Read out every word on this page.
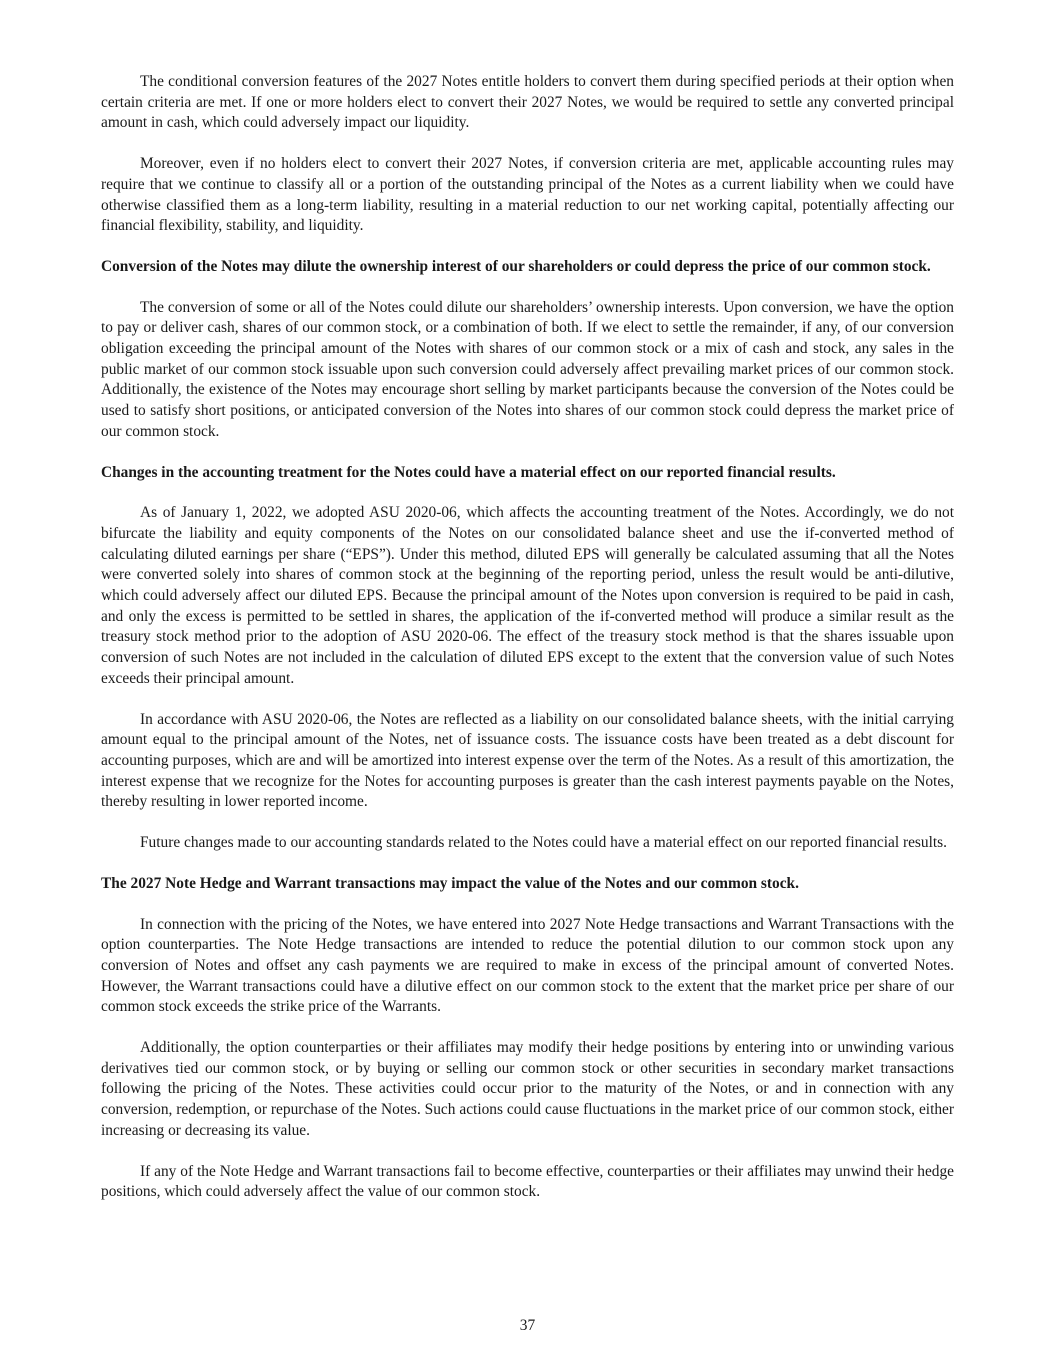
The conditional conversion features of the 2027 Notes entitle holders to convert them during specified periods at their option when certain criteria are met. If one or more holders elect to convert their 2027 Notes, we would be required to settle any converted principal amount in cash, which could adversely impact our liquidity.

Moreover, even if no holders elect to convert their 2027 Notes, if conversion criteria are met, applicable accounting rules may require that we continue to classify all or a portion of the outstanding principal of the Notes as a current liability when we could have otherwise classified them as a long-term liability, resulting in a material reduction to our net working capital, potentially affecting our financial flexibility, stability, and liquidity.

Conversion of the Notes may dilute the ownership interest of our shareholders or could depress the price of our common stock.

The conversion of some or all of the Notes could dilute our shareholders’ ownership interests. Upon conversion, we have the option to pay or deliver cash, shares of our common stock, or a combination of both. If we elect to settle the remainder, if any, of our conversion obligation exceeding the principal amount of the Notes with shares of our common stock or a mix of cash and stock, any sales in the public market of our common stock issuable upon such conversion could adversely affect prevailing market prices of our common stock. Additionally, the existence of the Notes may encourage short selling by market participants because the conversion of the Notes could be used to satisfy short positions, or anticipated conversion of the Notes into shares of our common stock could depress the market price of our common stock.

Changes in the accounting treatment for the Notes could have a material effect on our reported financial results.

As of January 1, 2022, we adopted ASU 2020-06, which affects the accounting treatment of the Notes. Accordingly, we do not bifurcate the liability and equity components of the Notes on our consolidated balance sheet and use the if-converted method of calculating diluted earnings per share (“EPS”). Under this method, diluted EPS will generally be calculated assuming that all the Notes were converted solely into shares of common stock at the beginning of the reporting period, unless the result would be anti-dilutive, which could adversely affect our diluted EPS. Because the principal amount of the Notes upon conversion is required to be paid in cash, and only the excess is permitted to be settled in shares, the application of the if-converted method will produce a similar result as the treasury stock method prior to the adoption of ASU 2020-06. The effect of the treasury stock method is that the shares issuable upon conversion of such Notes are not included in the calculation of diluted EPS except to the extent that the conversion value of such Notes exceeds their principal amount.

In accordance with ASU 2020-06, the Notes are reflected as a liability on our consolidated balance sheets, with the initial carrying amount equal to the principal amount of the Notes, net of issuance costs. The issuance costs have been treated as a debt discount for accounting purposes, which are and will be amortized into interest expense over the term of the Notes. As a result of this amortization, the interest expense that we recognize for the Notes for accounting purposes is greater than the cash interest payments payable on the Notes, thereby resulting in lower reported income.

Future changes made to our accounting standards related to the Notes could have a material effect on our reported financial results.

The 2027 Note Hedge and Warrant transactions may impact the value of the Notes and our common stock.

In connection with the pricing of the Notes, we have entered into 2027 Note Hedge transactions and Warrant Transactions with the option counterparties. The Note Hedge transactions are intended to reduce the potential dilution to our common stock upon any conversion of Notes and offset any cash payments we are required to make in excess of the principal amount of converted Notes. However, the Warrant transactions could have a dilutive effect on our common stock to the extent that the market price per share of our common stock exceeds the strike price of the Warrants.

Additionally, the option counterparties or their affiliates may modify their hedge positions by entering into or unwinding various derivatives tied our common stock, or by buying or selling our common stock or other securities in secondary market transactions following the pricing of the Notes. These activities could occur prior to the maturity of the Notes, or and in connection with any conversion, redemption, or repurchase of the Notes. Such actions could cause fluctuations in the market price of our common stock, either increasing or decreasing its value.

If any of the Note Hedge and Warrant transactions fail to become effective, counterparties or their affiliates may unwind their hedge positions, which could adversely affect the value of our common stock.

37
